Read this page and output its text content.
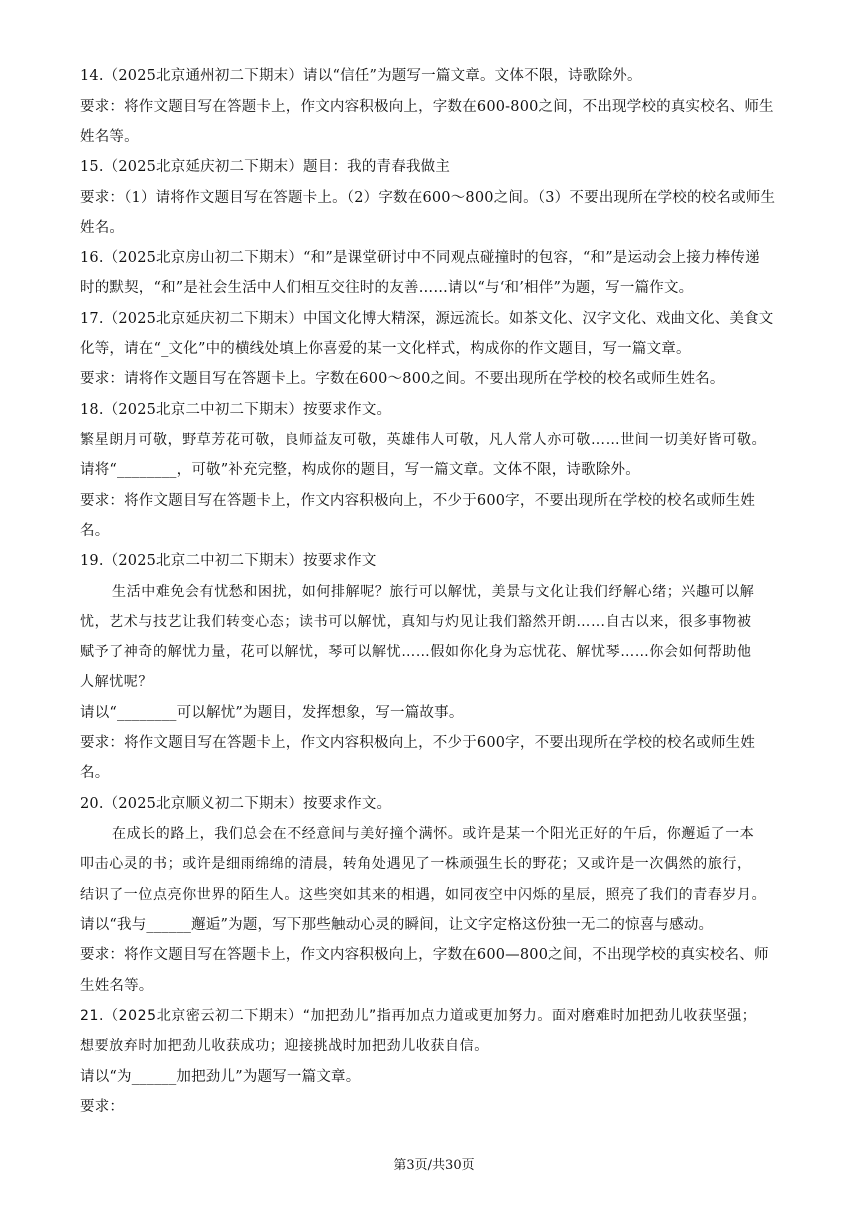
14.（2025北京通州初二下期末）请以“信任”为题写一篇文章。文体不限，诗歌除外。
要求：将作文题目写在答题卡上，作文内容积极向上，字数在600-800之间，不出现学校的真实校名、师生
姓名等。
15.（2025北京延庆初二下期末）题目：我的青春我做主
要求：（1）请将作文题目写在答题卡上。（2）字数在600～800之间。（3）不要出现所在学校的校名或师生
姓名。
16.（2025北京房山初二下期末）“和”是课堂研讨中不同观点碰撞时的包容，“和”是运动会上接力棒传递
时的默契，“和”是社会生活中人们相互交往时的友善……请以“与‘和’相伴”为题，写一篇作文。
17.（2025北京延庆初二下期末）中国文化博大精深，源远流长。如茶文化、汉字文化、戏曲文化、美食文
化等，请在“_文化”中的横线处填上你喜爱的某一文化样式，构成你的作文题目，写一篇文章。
要求：请将作文题目写在答题卡上。字数在600～800之间。不要出现所在学校的校名或师生姓名。
18.（2025北京二中初二下期末）按要求作文。
繁星朗月可敬，野草芳花可敬，良师益友可敬，英雄伟人可敬，凡人常人亦可敬……世间一切美好皆可敬。
请将“________，可敬”补充完整，构成你的题目，写一篇文章。文体不限，诗歌除外。
要求：将作文题目写在答题卡上，作文内容积极向上，不少于600字，不要出现所在学校的校名或师生姓
名。
19.（2025北京二中初二下期末）按要求作文
生活中难免会有忧愁和困扰，如何排解呢？旅行可以解忧，美景与文化让我们纾解心绪；兴趣可以解
忧，艺术与技艺让我们转变心态；读书可以解忧，真知与灼见让我们豁然开朗……自古以来，很多事物被
赋予了神奇的解忧力量，花可以解忧，琴可以解忧……假如你化身为忘忧花、解忧琴……你会如何帮助他
人解忧呢？
请以“________可以解忧”为题目，发挥想象，写一篇故事。
要求：将作文题目写在答题卡上，作文内容积极向上，不少于600字，不要出现所在学校的校名或师生姓
名。
20.（2025北京顺义初二下期末）按要求作文。
在成长的路上，我们总会在不经意间与美好撞个满怀。或许是某一个阳光正好的午后，你邂逅了一本
叩击心灵的书；或许是细雨绵绵的清晨，转角处遇见了一株顽强生长的野花；又或许是一次偶然的旅行，
结识了一位点亮你世界的陌生人。这些突如其来的相遇，如同夜空中闪烁的星辰，照亮了我们的青春岁月。
请以“我与______邂逅”为题，写下那些触动心灵的瞬间，让文字定格这份独一无二的惊喜与感动。
要求：将作文题目写在答题卡上，作文内容积极向上，字数在600—800之间，不出现学校的真实校名、师
生姓名等。
21.（2025北京密云初二下期末）“加把劲儿”指再加点力道或更加努力。面对磨难时加把劲儿收获坚强；
想要放弃时加把劲儿收获成功；迎接挑战时加把劲儿收获自信。
请以“为______加把劲儿”为题写一篇文章。
要求：
第3页/共30页
